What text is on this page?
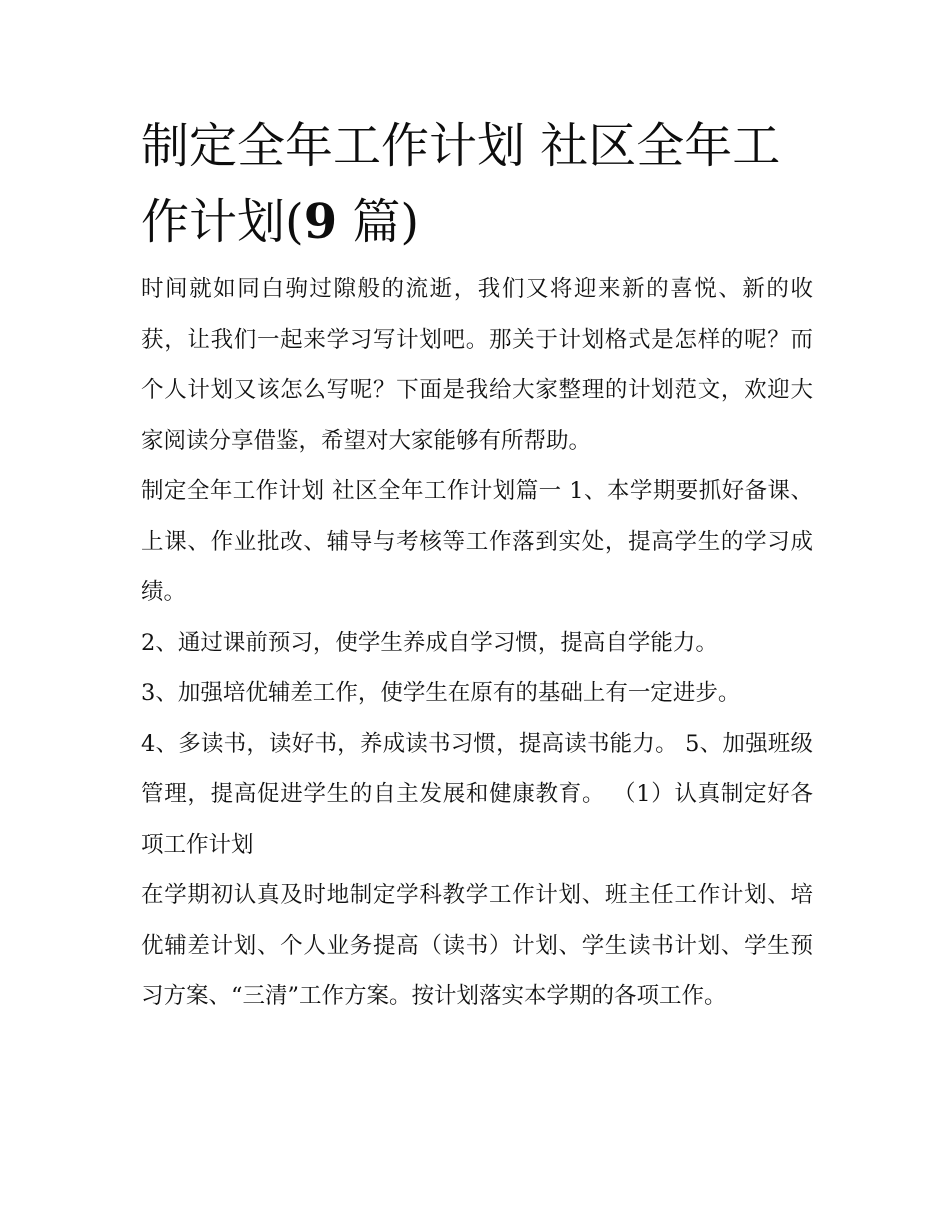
制定全年工作计划 社区全年工
作计划(9 篇)

时间就如同白驹过隙般的流逝，我们又将迎来新的喜悦、新的收获，让我们一起来学习写计划吧。那关于计划格式是怎样的呢？而个人计划又该怎么写呢？下面是我给大家整理的计划范文，欢迎大家阅读分享借鉴，希望对大家能够有所帮助。

制定全年工作计划 社区全年工作计划篇一 1、本学期要抓好备课、上课、作业批改、辅导与考核等工作落到实处，提高学生的学习成绩。

2、通过课前预习，使学生养成自学习惯，提高自学能力。

3、加强培优辅差工作，使学生在原有的基础上有一定进步。

4、多读书，读好书，养成读书习惯，提高读书能力。 5、加强班级管理，提高促进学生的自主发展和健康教育。 （1）认真制定好各项工作计划

在学期初认真及时地制定学科教学工作计划、班主任工作计划、培优辅差计划、个人业务提高（读书）计划、学生读书计划、学生预习方案、“三清”工作方案。按计划落实本学期的各项工作。
